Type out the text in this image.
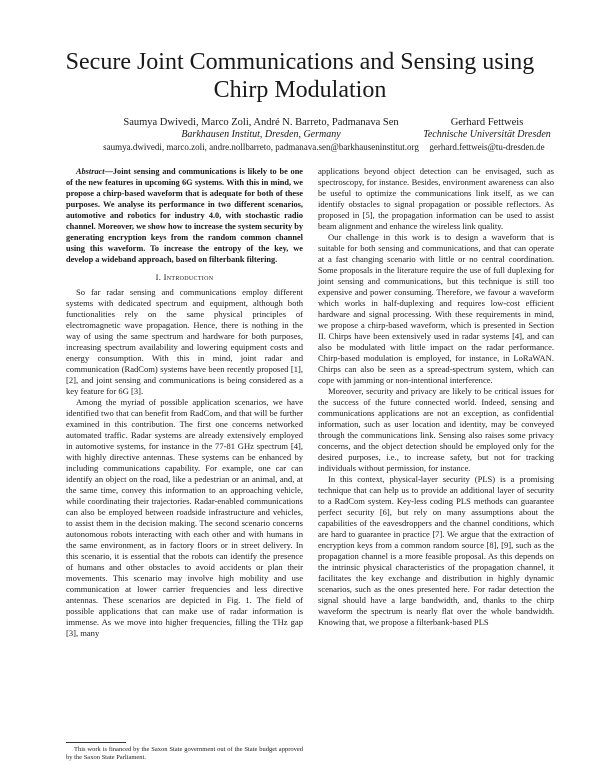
Secure Joint Communications and Sensing using Chirp Modulation
Saumya Dwivedi, Marco Zoli, André N. Barreto, Padmanava Sen
Barkhausen Institut, Dresden, Germany
saumya.dwivedi, marco.zoli, andre.nollbarreto, padmanava.sen@barkhauseninstitut.org
Gerhard Fettweis
Technische Universität Dresden
gerhard.fettweis@tu-dresden.de

Abstract—Joint sensing and communications is likely to be one of the new features in upcoming 6G systems. With this in mind, we propose a chirp-based waveform that is adequate for both of these purposes. We analyse its performance in two different scenarios, automotive and robotics for industry 4.0, with stochastic radio channel. Moreover, we show how to increase the system security by generating encryption keys from the random common channel using this waveform. To increase the entropy of the key, we develop a wideband approach, based on filterbank filtering.

I. Introduction

So far radar sensing and communications employ different systems with dedicated spectrum and equipment, although both functionalities rely on the same physical principles of electromagnetic wave propagation. Hence, there is nothing in the way of using the same spectrum and hardware for both purposes, increasing spectrum availability and lowering equipment costs and energy consumption. With this in mind, joint radar and communication (RadCom) systems have been recently proposed [1], [2], and joint sensing and communications is being considered as a key feature for 6G [3].

Among the myriad of possible application scenarios, we have identified two that can benefit from RadCom, and that will be further examined in this contribution. The first one concerns networked automated traffic. Radar systems are already extensively employed in automotive systems, for instance in the 77-81 GHz spectrum [4], with highly directive antennas. These systems can be enhanced by including communications capability. For example, one car can identify an object on the road, like a pedestrian or an animal, and, at the same time, convey this information to an approaching vehicle, while coordinating their trajectories. Radar-enabled communications can also be employed between roadside infrastructure and vehicles, to assist them in the decision making. The second scenario concerns autonomous robots interacting with each other and with humans in the same environment, as in factory floors or in street delivery. In this scenario, it is essential that the robots can identify the presence of humans and other obstacles to avoid accidents or plan their movements. This scenario may involve high mobility and use communication at lower carrier frequencies and less directive antennas. These scenarios are depicted in Fig. 1. The field of possible applications that can make use of radar information is immense. As we move into higher frequencies, filling the THz gap [3], many

applications beyond object detection can be envisaged, such as spectroscopy, for instance. Besides, environment awareness can also be useful to optimize the communications link itself, as we can identify obstacles to signal propagation or possible reflectors. As proposed in [5], the propagation information can be used to assist beam alignment and enhance the wireless link quality.

Our challenge in this work is to design a waveform that is suitable for both sensing and communications, and that can operate at a fast changing scenario with little or no central coordination. Some proposals in the literature require the use of full duplexing for joint sensing and communications, but this technique is still too expensive and power consuming. Therefore, we favour a waveform which works in half-duplexing and requires low-cost efficient hardware and signal processing. With these requirements in mind, we propose a chirp-based waveform, which is presented in Section II. Chirps have been extensively used in radar systems [4], and can also be modulated with little impact on the radar performance. Chirp-based modulation is employed, for instance, in LoRaWAN. Chirps can also be seen as a spread-spectrum system, which can cope with jamming or non-intentional interference.

Moreover, security and privacy are likely to be critical issues for the success of the future connected world. Indeed, sensing and communications applications are not an exception, as confidential information, such as user location and identity, may be conveyed through the communications link. Sensing also raises some privacy concerns, and the object detection should be employed only for the desired purposes, i.e., to increase safety, but not for tracking individuals without permission, for instance.

In this context, physical-layer security (PLS) is a promising technique that can help us to provide an additional layer of security to a RadCom system. Key-less coding PLS methods can guarantee perfect security [6], but rely on many assumptions about the capabilities of the eavesdroppers and the channel conditions, which are hard to guarantee in practice [7]. We argue that the extraction of encryption keys from a common random source [8], [9], such as the propagation channel is a more feasible proposal. As this depends on the intrinsic physical characteristics of the propagation channel, it facilitates the key exchange and distribution in highly dynamic scenarios, such as the ones presented here. For radar detection the signal should have a large bandwidth, and, thanks to the chirp waveform the spectrum is nearly flat over the whole bandwidth. Knowing that, we propose a filterbank-based PLS

This work is financed by the Saxon State government out of the State budget approved by the Saxon State Parliament.
